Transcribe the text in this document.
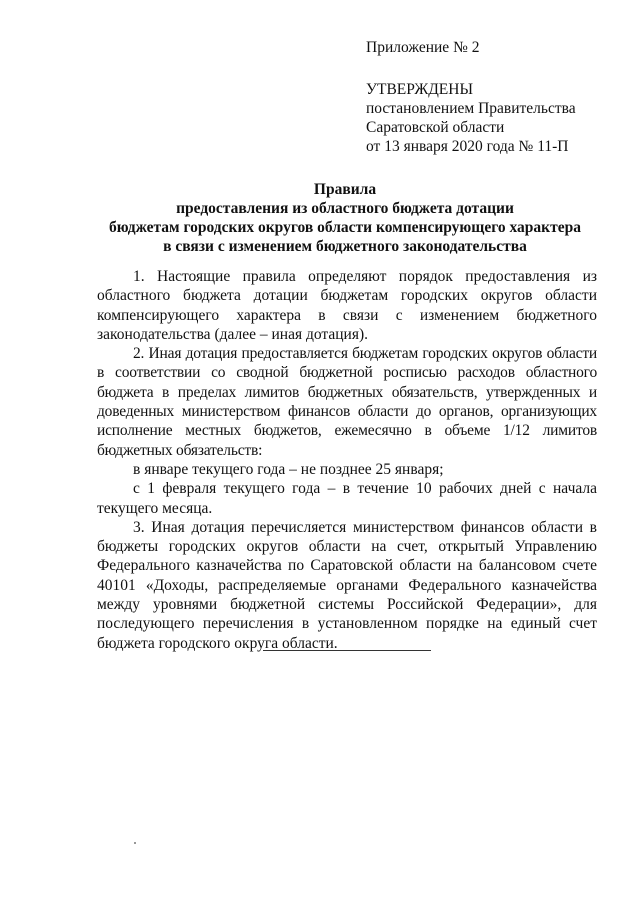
Приложение № 2
УТВЕРЖДЕНЫ
постановлением Правительства
Саратовской области
от 13 января 2020 года № 11-П
Правила
предоставления из областного бюджета дотации
бюджетам городских округов области компенсирующего характера
в связи с изменением бюджетного законодательства

1. Настоящие правила определяют порядок предоставления из областного бюджета дотации бюджетам городских округов области компенсирующего характера в связи с изменением бюджетного законодательства (далее – иная дотация).

2. Иная дотация предоставляется бюджетам городских округов области в соответствии со сводной бюджетной росписью расходов областного бюджета в пределах лимитов бюджетных обязательств, утвержденных и доведенных министерством финансов области до органов, организующих исполнение местных бюджетов, ежемесячно в объеме 1/12 лимитов бюджетных обязательств:

в январе текущего года – не позднее 25 января;

с 1 февраля текущего года – в течение 10 рабочих дней с начала текущего месяца.

3. Иная дотация перечисляется министерством финансов области в бюджеты городских округов области на счет, открытый Управлению Федерального казначейства по Саратовской области на балансовом счете 40101 «Доходы, распределяемые органами Федерального казначейства между уровнями бюджетной системы Российской Федерации», для последующего перечисления в установленном порядке на единый счет бюджета городского округа области.
